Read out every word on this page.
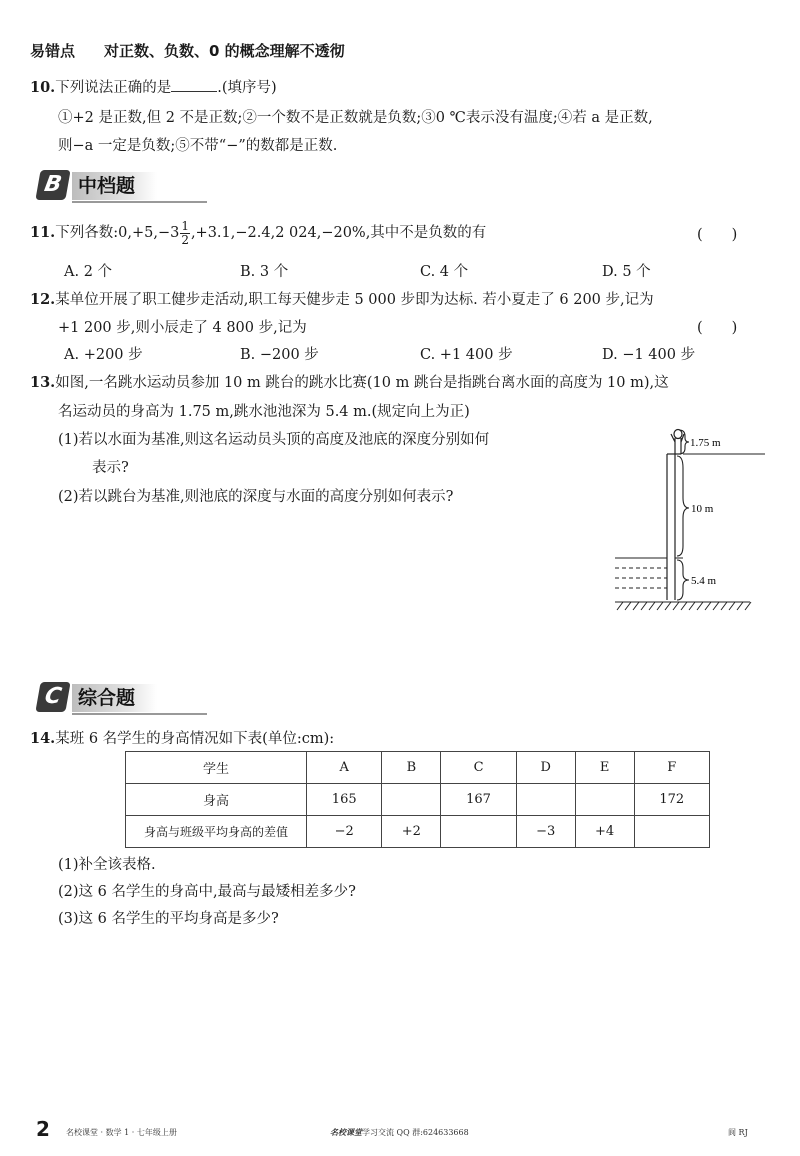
易错点 对正数、负数、0 的概念理解不透彻
10.下列说法正确的是	.(填序号)
①+2 是正数,但 2 不是正数;②一个数不是正数就是负数;③0 ℃表示没有温度;④若 a 是正数,
则−a 一定是负数;⑤不带“−”的数都是正数.
B 中档题
11.下列各数:0,+5,−3 $\frac{1}{2} ,+3.1,-2.4,2$ 024,−20%,其中不是负数的有	(　　)
A. 2 个	B. 3 个	C. 4 个	D. 5 个
12.某单位开展了职工健步走活动,职工每天健步走 5 000 步即为达标. 若小夏走了 6 200 步,记为
+1 200 步,则小辰走了 4 800 步,记为	(　　)
A. +200 步	B. −200 步	C. +1 400 步	D. −1 400 步
13.如图,一名跳水运动员参加 10 m 跳台的跳水比赛(10 m 跳台是指跳台离水面的高度为 10 m),这
名运动员的身高为 1.75 m,跳水池池深为 5.4 m.(规定向上为正)
(1)若以水面为基准,则这名运动员头顶的高度及池底的深度分别如何
表示?
(2)若以跳台为基准,则池底的深度与水面的高度分别如何表示?
1.75 m
10 m
5.4 m
C 综合题
14.某班 6 名学生的身高情况如下表(单位:cm):
学生	A	B	C	D	E	F
身高	165		167			172
身高与班级平均身高的差值	−2	+2		−3	+4	
(1)补全该表格.
(2)这 6 名学生的身高中,最高与最矮相差多少?
(3)这 6 名学生的平均身高是多少?
2 名校课堂 · 数学 1 · 七年级上册	名校课堂学习交流 QQ 群:624633668	阆 RJ
